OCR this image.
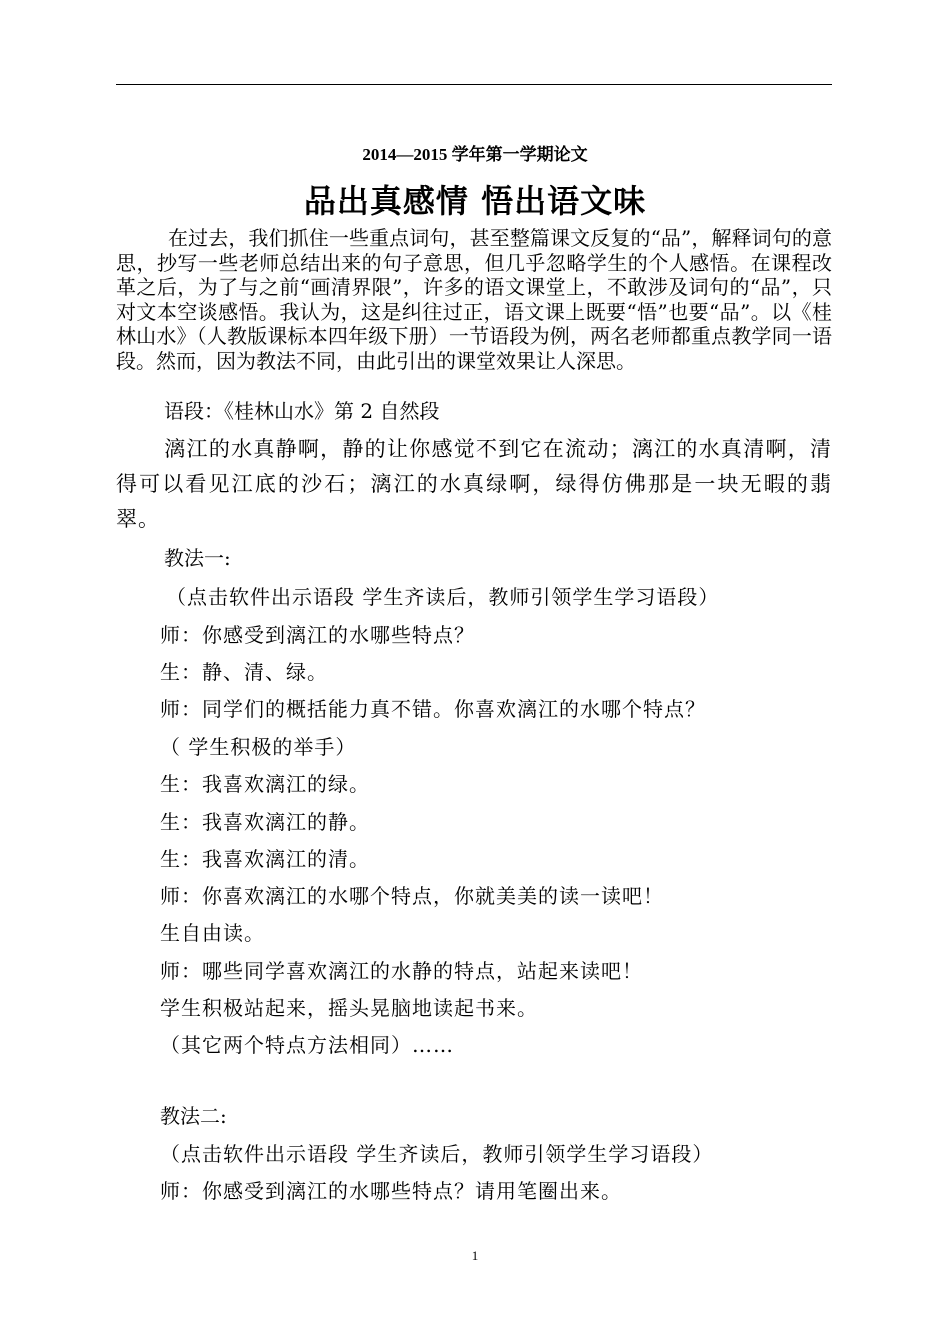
2014—2015 学年第一学期论文
品出真感情 悟出语文味

在过去，我们抓住一些重点词句，甚至整篇课文反复的“品”，解释词句的意思，抄写一些老师总结出来的句子意思，但几乎忽略学生的个人感悟。在课程改革之后，为了与之前“画清界限”，许多的语文课堂上，不敢涉及词句的“品”，只对文本空谈感悟。我认为，这是纠往过正，语文课上既要“悟”也要“品”。以《桂林山水》（人教版课标本四年级下册）一节语段为例，两名老师都重点教学同一语段。然而，因为教法不同，由此引出的课堂效果让人深思。

语段：《桂林山水》第 2 自然段

漓江的水真静啊，静的让你感觉不到它在流动；漓江的水真清啊，清得可以看见江底的沙石；漓江的水真绿啊，绿得仿佛那是一块无暇的翡翠。

教法一:

（点击软件出示语段 学生齐读后，教师引领学生学习语段）

师：你感受到漓江的水哪些特点？

生：静、清、绿。

师：同学们的概括能力真不错。你喜欢漓江的水哪个特点？

（ 学生积极的举手）

生：我喜欢漓江的绿。

生：我喜欢漓江的静。

生：我喜欢漓江的清。

师：你喜欢漓江的水哪个特点，你就美美的读一读吧！

生自由读。

师：哪些同学喜欢漓江的水静的特点，站起来读吧！

学生积极站起来，摇头晃脑地读起书来。

（其它两个特点方法相同）……

教法二:

（点击软件出示语段 学生齐读后，教师引领学生学习语段）

师：你感受到漓江的水哪些特点？请用笔圈出来。

1
